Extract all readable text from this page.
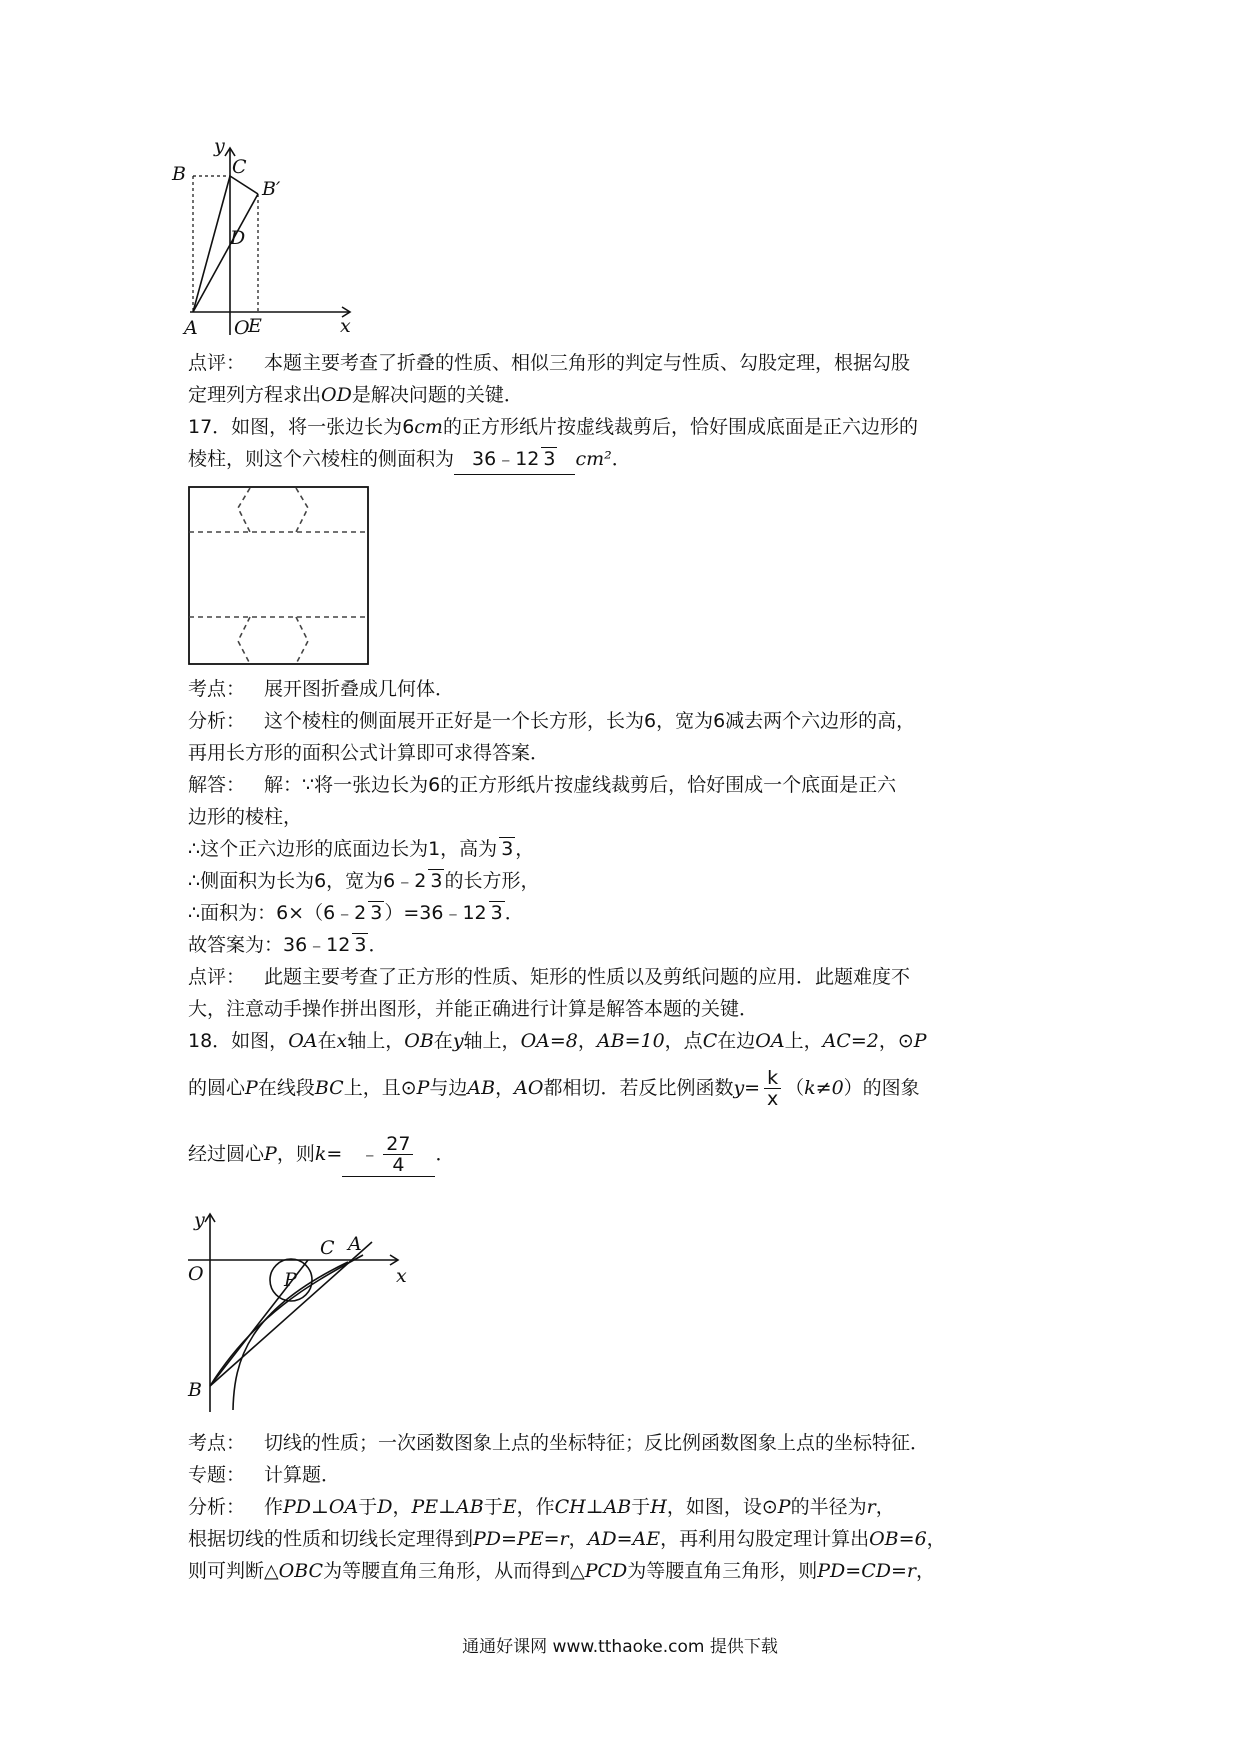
y
x
B C
B′
D
A O
E
点评： 本题主要考查了折叠的性质、相似三角形的判定与性质、勾股定理，根据勾股
定理列方程求出OD是解决问题的关键．
17．如图，将一张边长为6cm的正方形纸片按虚线裁剪后，恰好围成底面是正六边形的
棱柱，则这个六棱柱的侧面积为 36﹣12 3 cm²．
考点： 展开图折叠成几何体．
分析： 这个棱柱的侧面展开正好是一个长方形，长为6，宽为6减去两个六边形的高，
再用长方形的面积公式计算即可求得答案．
解答： 解：∵将一张边长为6的正方形纸片按虚线裁剪后，恰好围成一个底面是正六
边形的棱柱，
∴这个正六边形的底面边长为1，高为 3 ，
∴侧面积为长为6，宽为6﹣2 3 的长方形，
∴面积为：6×（6﹣2 3 ）=36﹣12 3 ．
故答案为：36﹣12 3 ．
点评： 此题主要考查了正方形的性质、矩形的性质以及剪纸问题的应用．此题难度不
大，注意动手操作拼出图形，并能正确进行计算是解答本题的关键．
18．如图，OA在x轴上，OB在y轴上，OA=8，AB=10，点C在边OA上，AC=2，⊙P
的圆心P在线段BC上，且⊙P与边AB，AO都相切．若反比例函数$y= \frac{k}{x} (k\ne 0)$的图象
经过圆心P，则k= ﹣ $\frac{27}{4}$ ．
y
O	x
C A
P
B
考点： 切线的性质；一次函数图象上点的坐标特征；反比例函数图象上点的坐标特征．
专题： 计算题．
分析： 作PD⊥OA于D，PE⊥AB于E，作CH⊥AB于H，如图，设⊙P的半径为r，
根据切线的性质和切线长定理得到PD=PE=r，AD=AE，再利用勾股定理计算出OB=6，
则可判断△OBC为等腰直角三角形，从而得到△PCD为等腰直角三角形，则PD=CD=r，
通通好课网 www.tthaoke.com 提供下载
